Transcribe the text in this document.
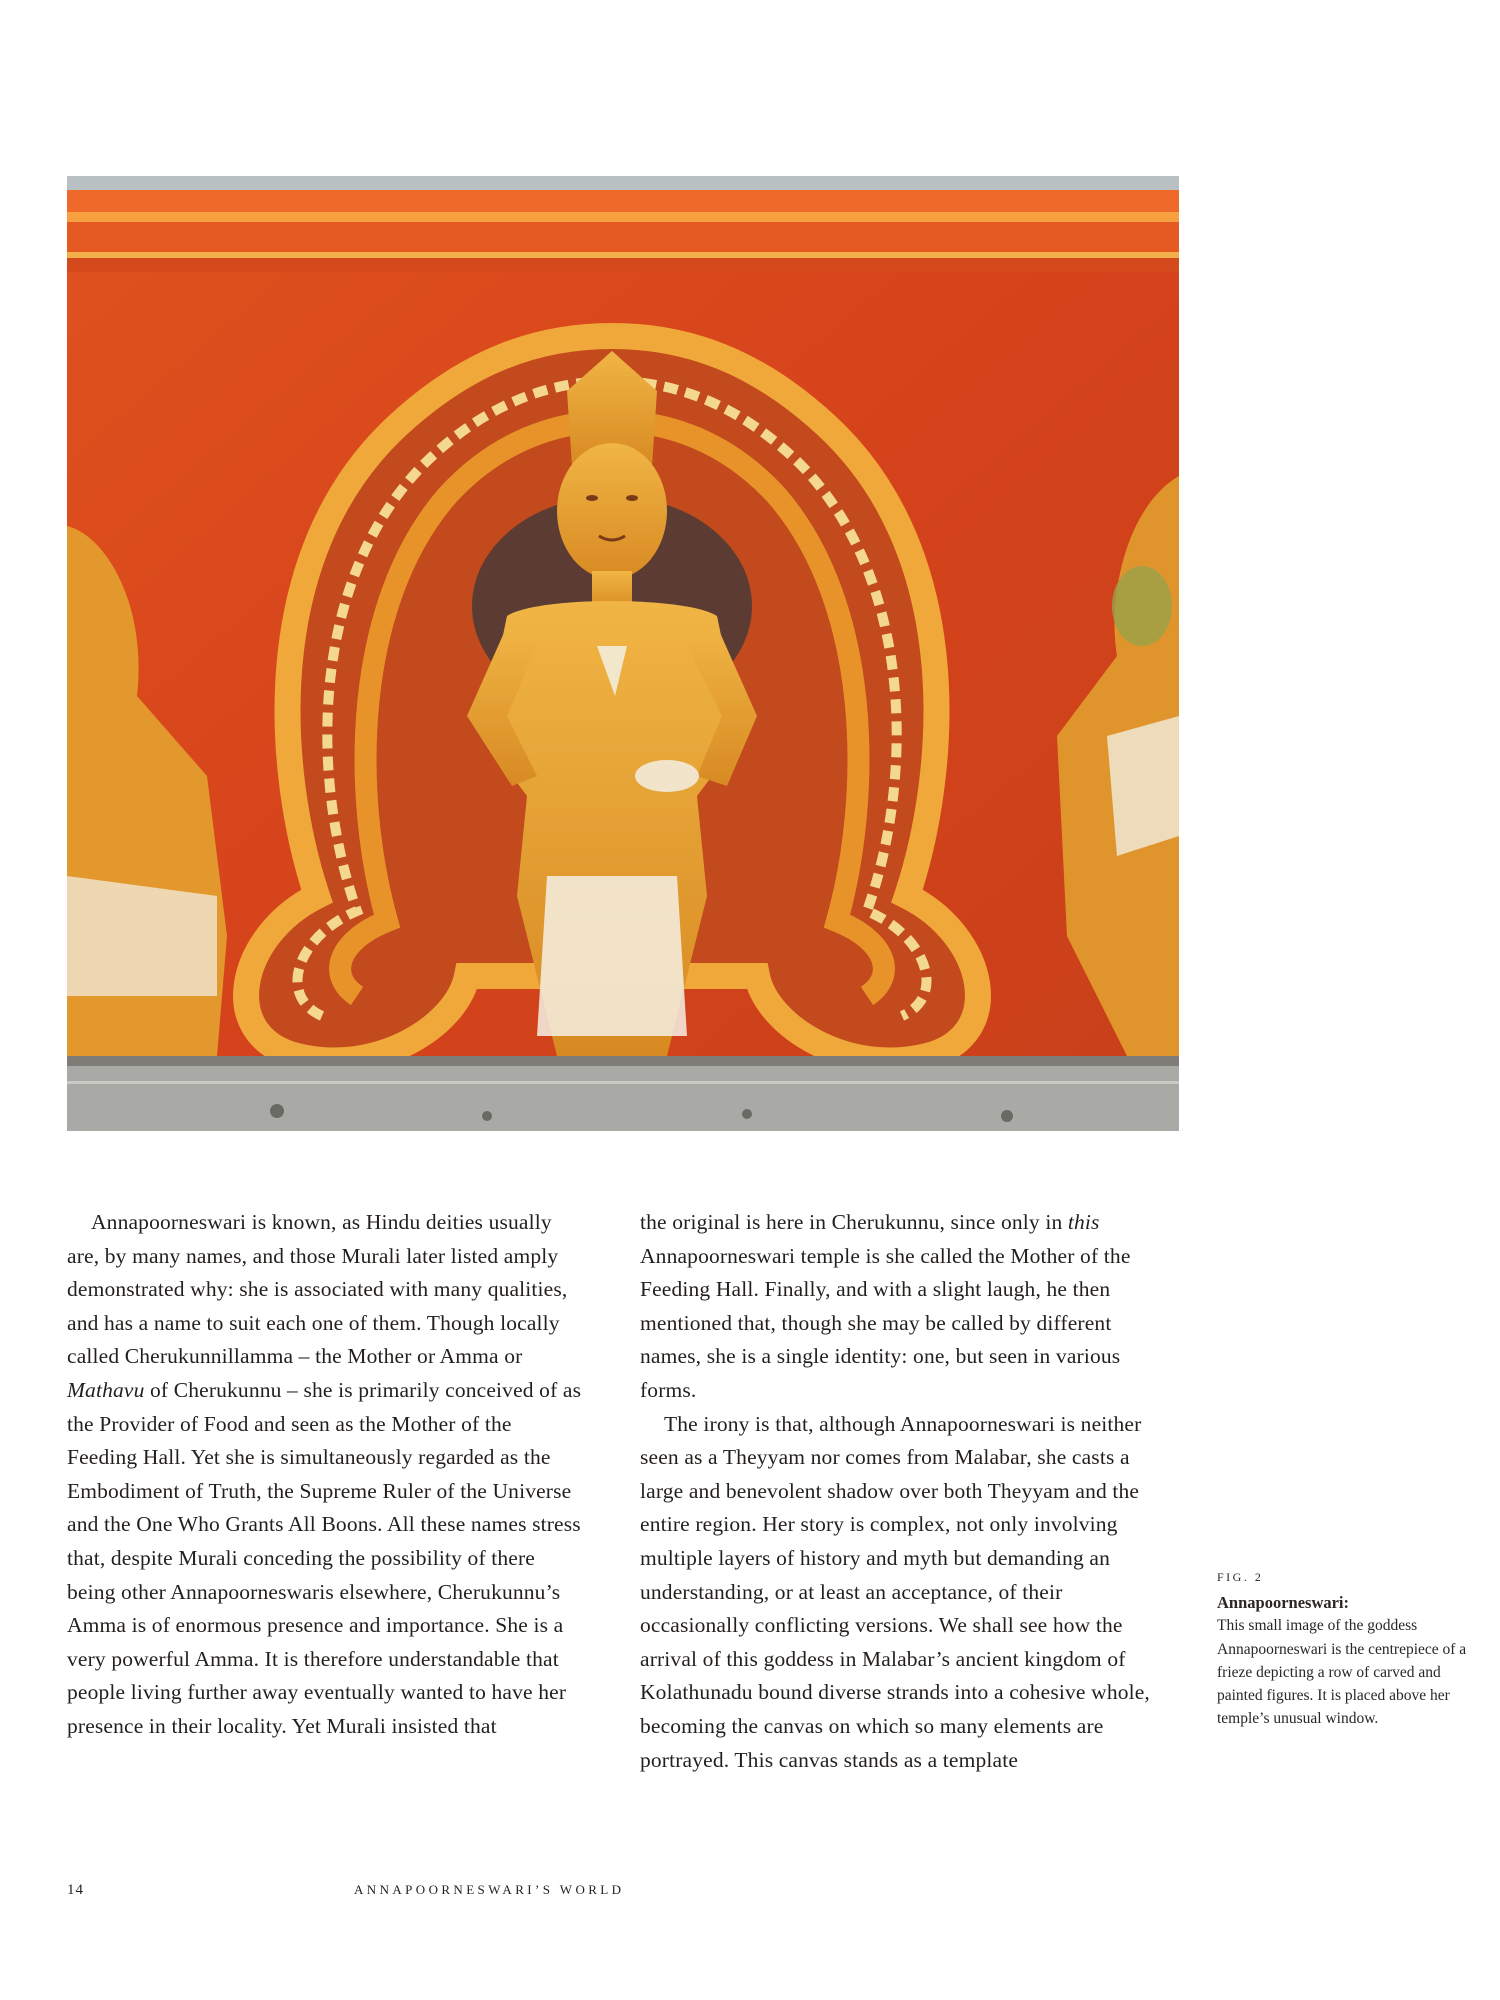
Annapoorneswari is known, as Hindu deities usually are, by many names, and those Murali later listed amply demonstrated why: she is associated with many qualities, and has a name to suit each one of them. Though locally called Cherukunnillamma – the Mother or Amma or Mathavu of Cherukunnu – she is primarily conceived of as the Provider of Food and seen as the Mother of the Feeding Hall. Yet she is simultaneously regarded as the Embodiment of Truth, the Supreme Ruler of the Universe and the One Who Grants All Boons. All these names stress that, despite Murali conceding the possibility of there being other Annapoorneswaris elsewhere, Cherukunnu’s Amma is of enormous presence and importance. She is a very powerful Amma. It is therefore understandable that people living further away eventually wanted to have her presence in their locality. Yet Murali insisted that

the original is here in Cherukunnu, since only in this Annapoorneswari temple is she called the Mother of the Feeding Hall. Finally, and with a slight laugh, he then mentioned that, though she may be called by different names, she is a single identity: one, but seen in various forms.

The irony is that, although Annapoorneswari is neither seen as a Theyyam nor comes from Malabar, she casts a large and benevolent shadow over both Theyyam and the entire region. Her story is complex, not only involving multiple layers of history and myth but demanding an understanding, or at least an acceptance, of their occasionally conflicting versions. We shall see how the arrival of this goddess in Malabar’s ancient kingdom of Kolathunadu bound diverse strands into a cohesive whole, becoming the canvas on which so many elements are portrayed. This canvas stands as a template

FIG. 2
Annapoorneswari:
This small image of the goddess Annapoorneswari is the centrepiece of a frieze depicting a row of carved and painted figures. It is placed above her temple’s unusual window.
14	ANNAPOORNESWARI’S WORLD
